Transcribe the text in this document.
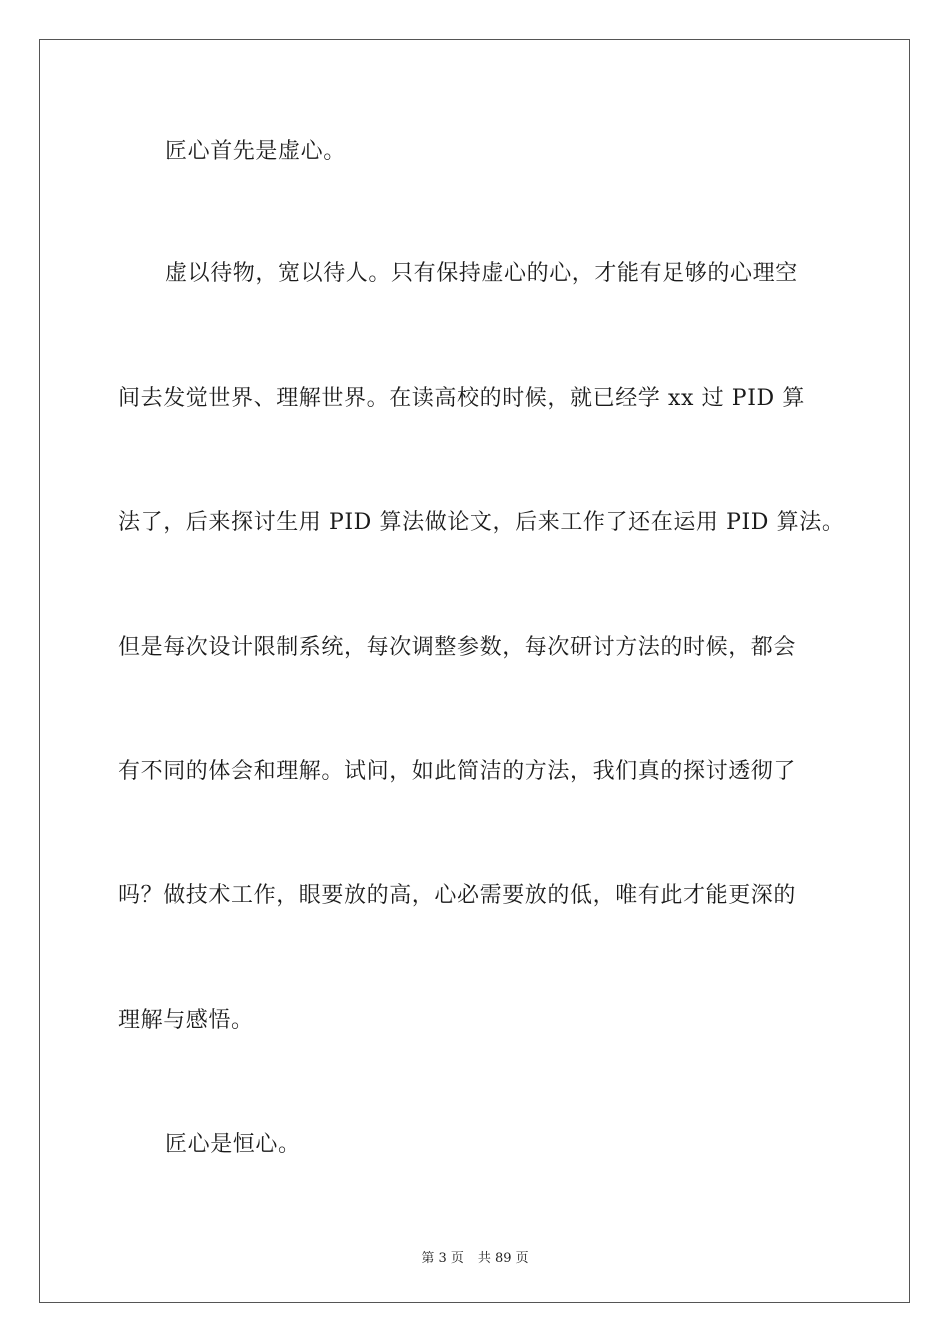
匠心首先是虚心。
虚以待物，宽以待人。只有保持虚心的心，才能有足够的心理空
间去发觉世界、理解世界。在读高校的时候，就已经学 xx 过 PID 算
法了，后来探讨生用 PID 算法做论文，后来工作了还在运用 PID 算法。
但是每次设计限制系统，每次调整参数，每次研讨方法的时候，都会
有不同的体会和理解。试问，如此简洁的方法，我们真的探讨透彻了
吗？做技术工作，眼要放的高，心必需要放的低，唯有此才能更深的
理解与感悟。
匠心是恒心。
第 3 页 共 89 页
